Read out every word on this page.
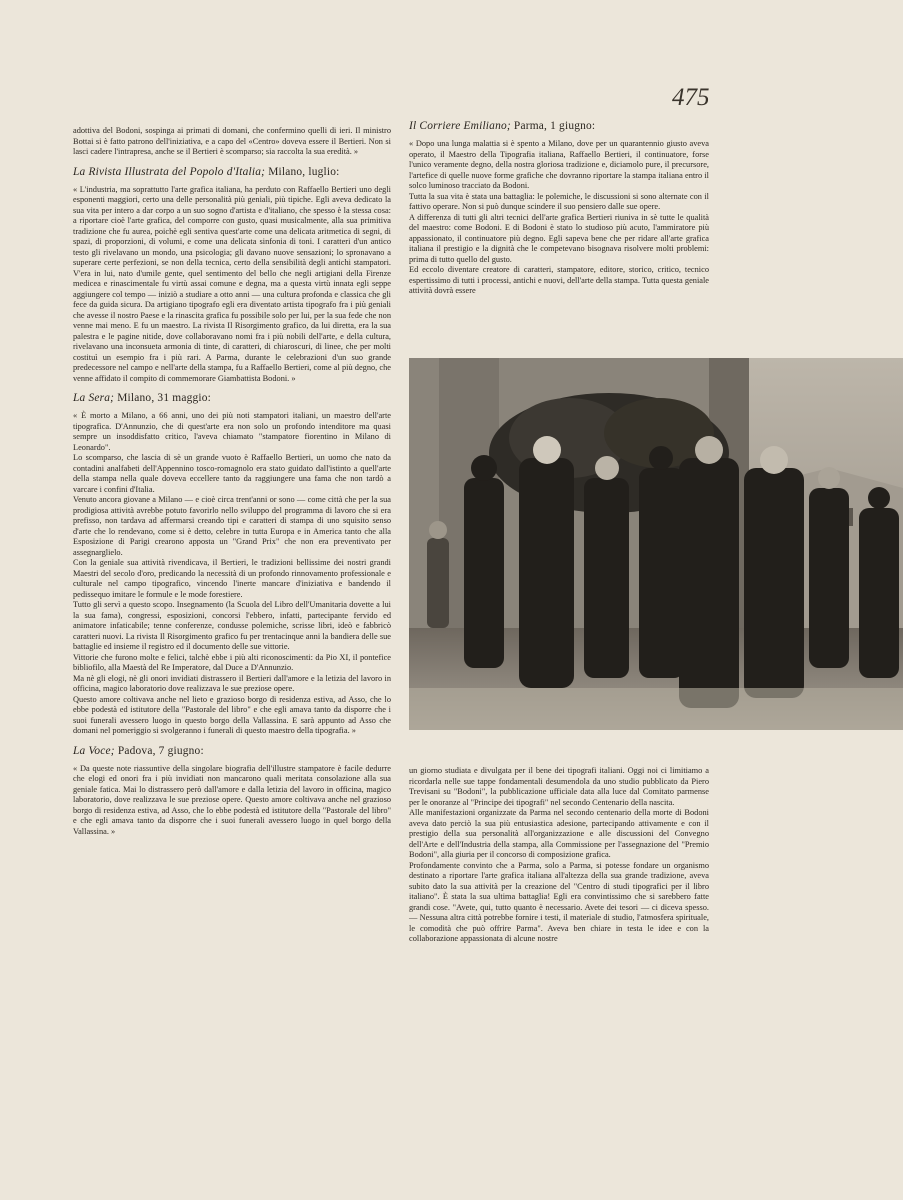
475

adottiva del Bodoni, sospinga ai primati di domani, che confermino quelli di ieri. Il ministro Bottai si è fatto patrono dell'iniziativa, e a capo del «Centro» doveva essere il Bertieri. Non si lasci cadere l'intrapresa, anche se il Bertieri è scomparso; sia raccolta la sua eredità. »

La Rivista Illustrata del Popolo d'Italia; Milano, luglio:

« L'industria, ma soprattutto l'arte grafica italiana, ha perduto con Raffaello Bertieri uno degli esponenti maggiori, certo una delle personalità più geniali, più tipiche. Egli aveva dedicato la sua vita per intero a dar corpo a un suo sogno d'artista e d'italiano, che spesso è la stessa cosa: a riportare cioè l'arte grafica, del comporre con gusto, quasi musicalmente, alla sua primitiva tradizione che fu aurea, poichè egli sentiva quest'arte come una delicata aritmetica di segni, di spazi, di proporzioni, di volumi, e come una delicata sinfonia di toni. I caratteri d'un antico testo gli rivelavano un mondo, una psicologia; gli davano nuove sensazioni; lo spronavano a superare certe perfezioni, se non della tecnica, certo della sensibilità degli antichi stampatori. V'era in lui, nato d'umile gente, quel sentimento del bello che negli artigiani della Firenze medicea e rinascimentale fu virtù assai comune e degna, ma a questa virtù innata egli seppe aggiungere col tempo — iniziò a studiare a otto anni — una cultura profonda e classica che gli fece da guida sicura. Da artigiano tipografo egli era diventato artista tipografo fra i più geniali che avesse il nostro Paese e la rinascita grafica fu possibile solo per lui, per la sua fede che non venne mai meno. E fu un maestro. La rivista Il Risorgimento grafico, da lui diretta, era la sua palestra e le pagine nitide, dove collaboravano nomi fra i più nobili dell'arte, e della cultura, rivelavano una inconsueta armonia di tinte, di caratteri, di chiaroscuri, di linee, che per molti costituì un esempio fra i più rari. A Parma, durante le celebrazioni d'un suo grande predecessore nel campo e nell'arte della stampa, fu a Raffaello Bertieri, come al più degno, che venne affidato il compito di commemorare Giambattista Bodoni. »

La Sera; Milano, 31 maggio:

« È morto a Milano, a 66 anni, uno dei più noti stampatori italiani, un maestro dell'arte tipografica. D'Annunzio, che di quest'arte era non solo un profondo intenditore ma quasi sempre un insoddisfatto critico, l'aveva chiamato "stampatore fiorentino in Milano di Leonardo".

Lo scomparso, che lascia di sè un grande vuoto è Raffaello Bertieri, un uomo che nato da contadini analfabeti dell'Appennino tosco-romagnolo era stato guidato dall'istinto a quell'arte della stampa nella quale doveva eccellere tanto da raggiungere una fama che non tardò a varcare i confini d'Italia.

Venuto ancora giovane a Milano — e cioè circa trent'anni or sono — come città che per la sua prodigiosa attività avrebbe potuto favorirlo nello sviluppo del programma di lavoro che si era prefisso, non tardava ad affermarsi creando tipi e caratteri di stampa di uno squisito senso d'arte che lo rendevano, come si è detto, celebre in tutta Europa e in America tanto che alla Esposizione di Parigi crearono apposta un "Grand Prix" che non era preventivato per assegnarglielo.

Con la geniale sua attività rivendicava, il Bertieri, le tradizioni bellissime dei nostri grandi Maestri del secolo d'oro, predicando la necessità di un profondo rinnovamento professionale e culturale nel campo tipografico, vincendo l'inerte mancare d'iniziativa e bandendo il pedissequo imitare le formule e le mode forestiere.

Tutto gli servì a questo scopo. Insegnamento (la Scuola del Libro dell'Umanitaria dovette a lui la sua fama), congressi, esposizioni, concorsi l'ebbero, infatti, partecipante fervido ed animatore infaticabile; tenne conferenze, condusse polemiche, scrisse libri, ideò e fabbricò caratteri nuovi. La rivista Il Risorgimento grafico fu per trentacinque anni la bandiera delle sue battaglie ed insieme il registro ed il documento delle sue vittorie.

Vittorie che furono molte e felici, talchè ebbe i più alti riconoscimenti: da Pio XI, il pontefice bibliofilo, alla Maestà del Re Imperatore, dal Duce a D'Annunzio.

Ma nè gli elogi, nè gli onori invidiati distrassero il Bertieri dall'amore e la letizia del lavoro in officina, magico laboratorio dove realizzava le sue preziose opere.

Questo amore coltivava anche nel lieto e grazioso borgo di residenza estiva, ad Asso, che lo ebbe podestà ed istitutore della "Pastorale del libro" e che egli amava tanto da disporre che i suoi funerali avessero luogo in questo borgo della Vallassina. E sarà appunto ad Asso che domani nel pomeriggio si svolgeranno i funerali di questo maestro della tipografia. »

La Voce; Padova, 7 giugno:

« Da queste note riassuntive della singolare biografia dell'illustre stampatore è facile dedurre che elogi ed onori fra i più invidiati non mancarono quali meritata consolazione alla sua geniale fatica. Mai lo distrassero però dall'amore e dalla letizia del lavoro in officina, magico laboratorio, dove realizzava le sue preziose opere. Questo amore coltivava anche nel grazioso borgo di residenza estiva, ad Asso, che lo ebbe podestà ed istitutore della "Pastorale del libro" e che egli amava tanto da disporre che i suoi funerali avessero luogo in quel borgo della Vallassina. »

Il Corriere Emiliano; Parma, 1 giugno:

« Dopo una lunga malattia si è spento a Milano, dove per un quarantennio giusto aveva operato, il Maestro della Tipografia italiana, Raffaello Bertieri, il continuatore, forse l'unico veramente degno, della nostra gloriosa tradizione e, diciamolo pure, il precursore, l'artefice di quelle nuove forme grafiche che dovranno riportare la stampa italiana entro il solco luminoso tracciato da Bodoni.

Tutta la sua vita è stata una battaglia: le polemiche, le discussioni si sono alternate con il fattivo operare. Non si può dunque scindere il suo pensiero dalle sue opere.

A differenza di tutti gli altri tecnici dell'arte grafica Bertieri riuniva in sè tutte le qualità del maestro: come Bodoni. E di Bodoni è stato lo studioso più acuto, l'ammiratore più appassionato, il continuatore più degno. Egli sapeva bene che per ridare all'arte grafica italiana il prestigio e la dignità che le competevano bisognava risolvere molti problemi: prima di tutto quello del gusto.

Ed eccolo diventare creatore di caratteri, stampatore, editore, storico, critico, tecnico espertissimo di tutti i processi, antichi e nuovi, dell'arte della stampa. Tutta questa geniale attività dovrà essere

un giorno studiata e divulgata per il bene dei tipografi italiani. Oggi noi ci limitiamo a ricordarla nelle sue tappe fondamentali desumendola da uno studio pubblicato da Piero Trevisani su "Bodoni", la pubblicazione ufficiale data alla luce dal Comitato parmense per le onoranze al "Principe dei tipografi" nel secondo Centenario della nascita.

Alle manifestazioni organizzate da Parma nel secondo centenario della morte di Bodoni aveva dato perciò la sua più entusiastica adesione, partecipando attivamente e con il prestigio della sua personalità all'organizzazione e alle discussioni del Convegno dell'Arte e dell'Industria della stampa, alla Commissione per l'assegnazione del "Premio Bodoni", alla giuria per il concorso di composizione grafica.

Profondamente convinto che a Parma, solo a Parma, si potesse fondare un organismo destinato a riportare l'arte grafica italiana all'altezza della sua grande tradizione, aveva subito dato la sua attività per la creazione del "Centro di studi tipografici per il libro italiano". È stata la sua ultima battaglia! Egli era convintissimo che si sarebbero fatte grandi cose. "Avete, qui, tutto quanto è necessario. Avete dei tesori — ci diceva spesso. — Nessuna altra città potrebbe fornire i testi, il materiale di studio, l'atmosfera spirituale, le comodità che può offrire Parma". Aveva ben chiare in testa le idee e con la collaborazione appassionata di alcune nostre
